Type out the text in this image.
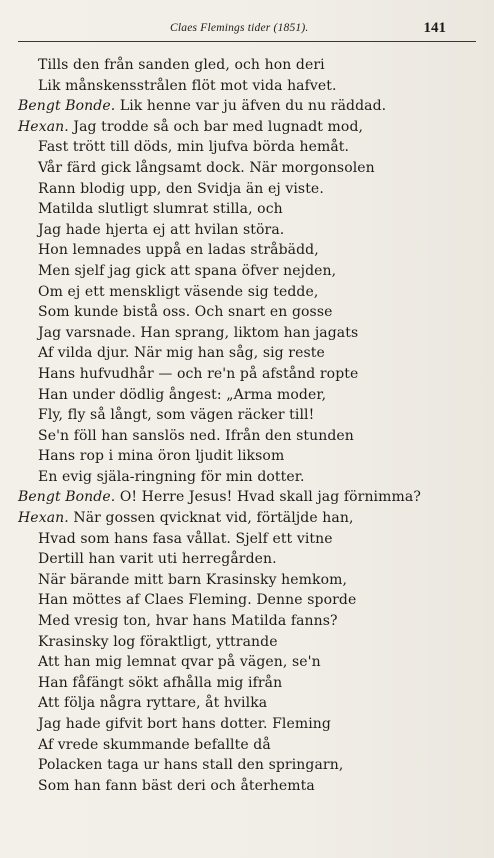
Claes Flemings tider (1851).	141
Tills den från sanden gled, och hon deri
Lik månskensstrålen flöt mot vida hafvet.
Bengt Bonde. Lik henne var ju äfven du nu räddad.
Hexan. Jag trodde så och bar med lugnadt mod,
Fast trött till döds, min ljufva börda hemåt.
Vår färd gick långsamt dock. När morgonsolen
Rann blodig upp, den Svidja än ej viste.
Matilda slutligt slumrat stilla, och
Jag hade hjerta ej att hvilan störa.
Hon lemnades uppå en ladas stråbädd,
Men sjelf jag gick att spana öfver nejden,
Om ej ett menskligt väsende sig tedde,
Som kunde bistå oss. Och snart en gosse
Jag varsnade. Han sprang, liktom han jagats
Af vilda djur. När mig han såg, sig reste
Hans hufvudhår — och re'n på afstånd ropte
Han under dödlig ångest: „Arma moder,
Fly, fly så långt, som vägen räcker till!
Se'n föll han sanslös ned. Ifrån den stunden
Hans rop i mina öron ljudit liksom
En evig själa-ringning för min dotter.
Bengt Bonde. O! Herre Jesus! Hvad skall jag förnimma?
Hexan. När gossen qvicknat vid, förtäljde han,
Hvad som hans fasa vållat. Sjelf ett vitne
Dertill han varit uti herregården.
När bärande mitt barn Krasinsky hemkom,
Han möttes af Claes Fleming. Denne sporde
Med vresig ton, hvar hans Matilda fanns?
Krasinsky log föraktligt, yttrande
Att han mig lemnat qvar på vägen, se'n
Han fåfängt sökt afhålla mig ifrån
Att följa några ryttare, åt hvilka
Jag hade gifvit bort hans dotter. Fleming
Af vrede skummande befallte då
Polacken taga ur hans stall den springarn,
Som han fann bäst deri och återhemta
